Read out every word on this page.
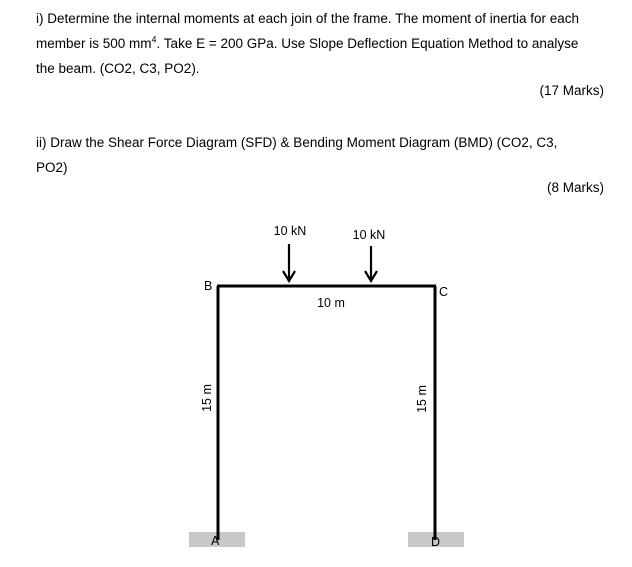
i) Determine the internal moments at each join of the frame. The moment of inertia for each
member is 500 $mm^4$. Take E = 200 GPa. Use Slope Deflection Equation Method to analyse
the beam. (CO2, C3, PO2).
(17 Marks)
ii) Draw the Shear Force Diagram (SFD) & Bending Moment Diagram (BMD) (CO2, C3,
PO2)
(8 Marks)
10 kN	10 kN
B	C
10 m
A	D
15 m	15 m
